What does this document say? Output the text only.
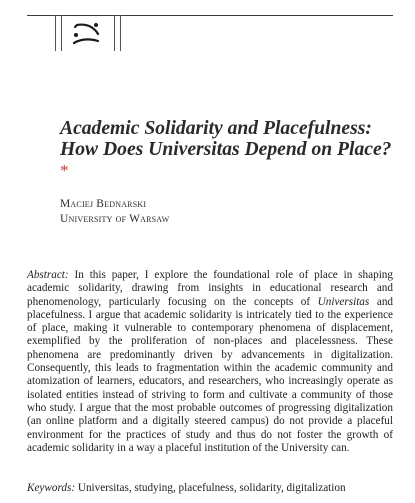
Academic Solidarity and Placefulness: How Does Universitas Depend on Place?*
Maciej Bednarski
University of Warsaw

Abstract: In this paper, I explore the foundational role of place in shaping academic solidarity, drawing from insights in educational research and phenomenology, particularly focusing on the concepts of Universitas and placefulness. I argue that academic solidarity is intricately tied to the experience of place, making it vulnerable to contemporary phenomena of displacement, exemplified by the proliferation of non-places and placelessness. These phenomena are predominantly driven by advancements in digitalization. Consequently, this leads to fragmentation within the academic community and atomization of learners, educators, and researchers, who increasingly operate as isolated entities instead of striving to form and cultivate a community of those who study. I argue that the most probable outcomes of progressing digitalization (an online platform and a digitally steered campus) do not provide a placeful environment for the practices of study and thus do not foster the growth of academic solidarity in a way a placeful institution of the University can.

Keywords: Universitas, studying, placefulness, solidarity, digitalization
